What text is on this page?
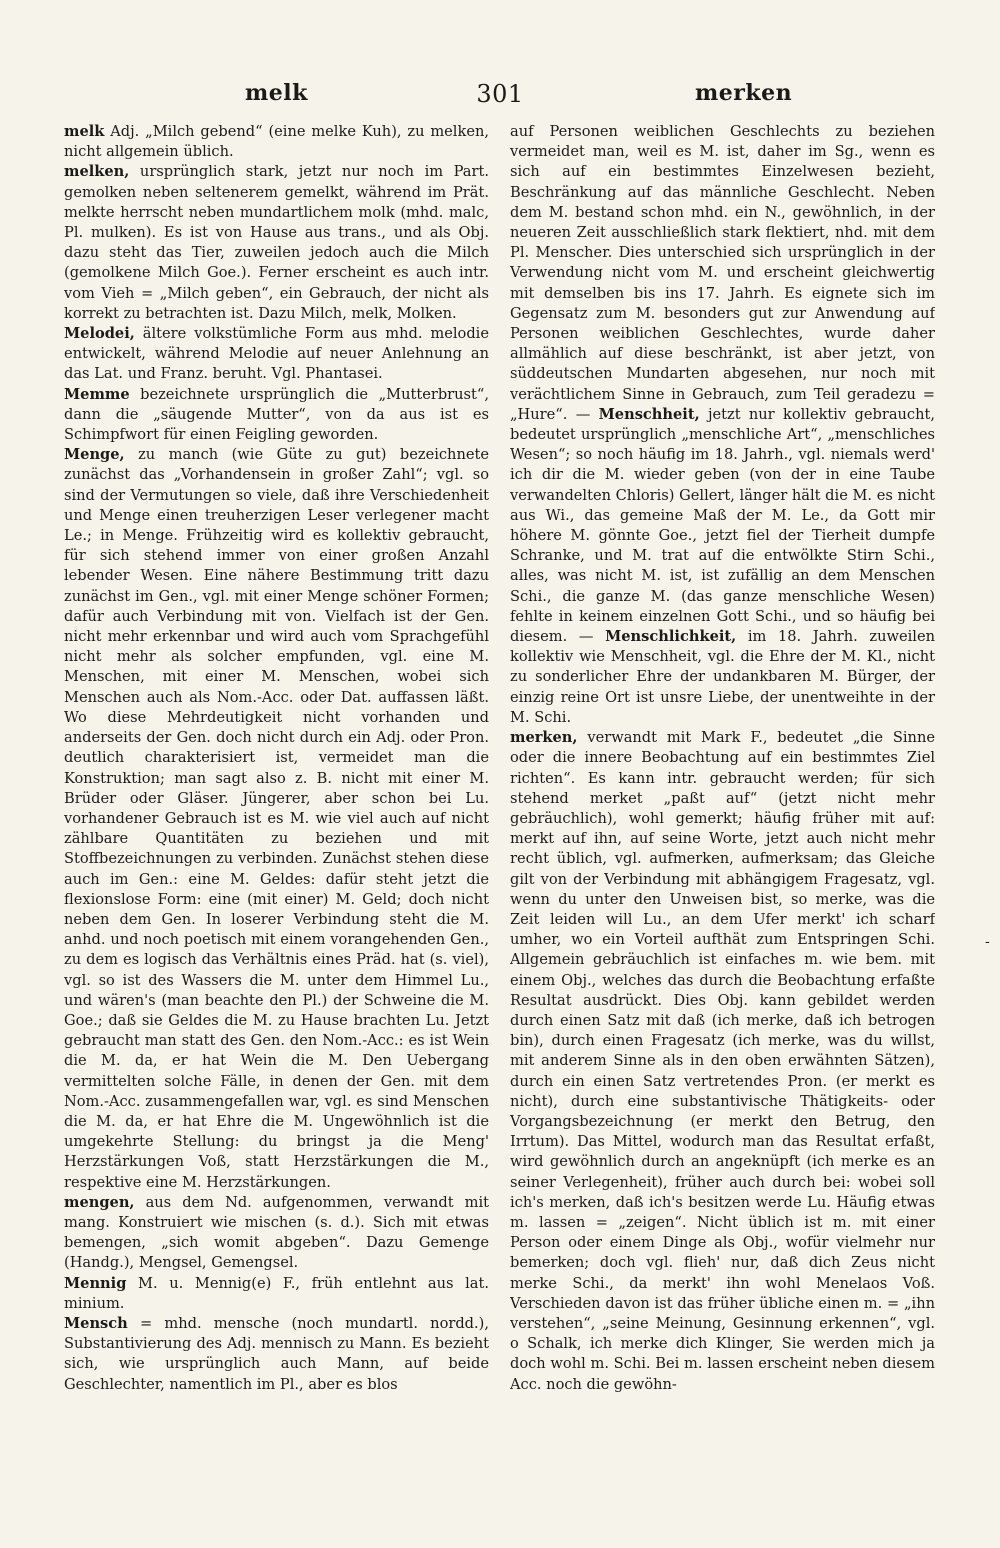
melk	301	merken

melk Adj. „Milch gebend“ (eine melke Kuh), zu melken, nicht allgemein üblich.

melken, ursprünglich stark, jetzt nur noch im Part. gemolken neben seltenerem gemelkt, während im Prät. melkte herrscht neben mundartlichem molk (mhd. malc, Pl. mulken). Es ist von Hause aus trans., und als Obj. dazu steht das Tier, zuweilen jedoch auch die Milch (gemolkene Milch Goe.). Ferner erscheint es auch intr. vom Vieh = „Milch geben“, ein Gebrauch, der nicht als korrekt zu betrachten ist. Dazu Milch, melk, Molken.

Melodei, ältere volkstümliche Form aus mhd. melodie entwickelt, während Melodie auf neuer Anlehnung an das Lat. und Franz. beruht. Vgl. Phantasei.

Memme bezeichnete ursprünglich die „Mutterbrust“, dann die „säugende Mutter“, von da aus ist es Schimpfwort für einen Feigling geworden.

Menge, zu manch (wie Güte zu gut) bezeichnete zunächst das „Vorhandensein in großer Zahl“; vgl. so sind der Vermutungen so viele, daß ihre Verschiedenheit und Menge einen treuherzigen Leser verlegener macht Le.; in Menge. Frühzeitig wird es kollektiv gebraucht, für sich stehend immer von einer großen Anzahl lebender Wesen. Eine nähere Bestimmung tritt dazu zunächst im Gen., vgl. mit einer Menge schöner Formen; dafür auch Verbindung mit von. Vielfach ist der Gen. nicht mehr erkennbar und wird auch vom Sprachgefühl nicht mehr als solcher empfunden, vgl. eine M. Menschen, mit einer M. Menschen, wobei sich Menschen auch als Nom.-Acc. oder Dat. auffassen läßt. Wo diese Mehrdeutigkeit nicht vorhanden und anderseits der Gen. doch nicht durch ein Adj. oder Pron. deutlich charakterisiert ist, vermeidet man die Konstruktion; man sagt also z. B. nicht mit einer M. Brüder oder Gläser. Jüngerer, aber schon bei Lu. vorhandener Gebrauch ist es M. wie viel auch auf nicht zählbare Quantitäten zu beziehen und mit Stoffbezeichnungen zu verbinden. Zunächst stehen diese auch im Gen.: eine M. Geldes: dafür steht jetzt die flexionslose Form: eine (mit einer) M. Geld; doch nicht neben dem Gen. In loserer Verbindung steht die M. anhd. und noch poetisch mit einem vorangehenden Gen., zu dem es logisch das Verhältnis eines Präd. hat (s. viel), vgl. so ist des Wassers die M. unter dem Himmel Lu., und wären's (man beachte den Pl.) der Schweine die M. Goe.; daß sie Geldes die M. zu Hause brachten Lu. Jetzt gebraucht man statt des Gen. den Nom.-Acc.: es ist Wein die M. da, er hat Wein die M. Den Uebergang vermittelten solche Fälle, in denen der Gen. mit dem Nom.-Acc. zusammengefallen war, vgl. es sind Menschen die M. da, er hat Ehre die M. Ungewöhnlich ist die umgekehrte Stellung: du bringst ja die Meng' Herzstärkungen Voß, statt Herzstärkungen die M., respektive eine M. Herzstärkungen.

mengen, aus dem Nd. aufgenommen, verwandt mit mang. Konstruiert wie mischen (s. d.). Sich mit etwas bemengen, „sich womit abgeben“. Dazu Gemenge (Handg.), Mengsel, Gemengsel.

Mennig M. u. Mennig(e) F., früh entlehnt aus lat. minium.

Mensch = mhd. mensche (noch mundartl. nordd.), Substantivierung des Adj. mennisch zu Mann. Es bezieht sich, wie ursprünglich auch Mann, auf beide Geschlechter, namentlich im Pl., aber es blos

auf Personen weiblichen Geschlechts zu beziehen vermeidet man, weil es M. ist, daher im Sg., wenn es sich auf ein bestimmtes Einzelwesen bezieht, Beschränkung auf das männliche Geschlecht. Neben dem M. bestand schon mhd. ein N., gewöhnlich, in der neueren Zeit ausschließlich stark flektiert, nhd. mit dem Pl. Menscher. Dies unterschied sich ursprünglich in der Verwendung nicht vom M. und erscheint gleichwertig mit demselben bis ins 17. Jahrh. Es eignete sich im Gegensatz zum M. besonders gut zur Anwendung auf Personen weiblichen Geschlechtes, wurde daher allmählich auf diese beschränkt, ist aber jetzt, von süddeutschen Mundarten abgesehen, nur noch mit verächtlichem Sinne in Gebrauch, zum Teil geradezu = „Hure“. — Menschheit, jetzt nur kollektiv gebraucht, bedeutet ursprünglich „menschliche Art“, „menschliches Wesen“; so noch häufig im 18. Jahrh., vgl. niemals werd' ich dir die M. wieder geben (von der in eine Taube verwandelten Chloris) Gellert, länger hält die M. es nicht aus Wi., das gemeine Maß der M. Le., da Gott mir höhere M. gönnte Goe., jetzt fiel der Tierheit dumpfe Schranke, und M. trat auf die entwölkte Stirn Schi., alles, was nicht M. ist, ist zufällig an dem Menschen Schi., die ganze M. (das ganze menschliche Wesen) fehlte in keinem einzelnen Gott Schi., und so häufig bei diesem. — Menschlichkeit, im 18. Jahrh. zuweilen kollektiv wie Menschheit, vgl. die Ehre der M. Kl., nicht zu sonderlicher Ehre der undankbaren M. Bürger, der einzig reine Ort ist unsre Liebe, der unentweihte in der M. Schi.

merken, verwandt mit Mark F., bedeutet „die Sinne oder die innere Beobachtung auf ein bestimmtes Ziel richten“. Es kann intr. gebraucht werden; für sich stehend merket „paßt auf“ (jetzt nicht mehr gebräuchlich), wohl gemerkt; häufig früher mit auf: merkt auf ihn, auf seine Worte, jetzt auch nicht mehr recht üblich, vgl. aufmerken, aufmerksam; das Gleiche gilt von der Verbindung mit abhängigem Fragesatz, vgl. wenn du unter den Unweisen bist, so merke, was die Zeit leiden will Lu., an dem Ufer merkt' ich scharf umher, wo ein Vorteil aufthät zum Entspringen Schi. Allgemein gebräuchlich ist einfaches m. wie bem. mit einem Obj., welches das durch die Beobachtung erfaßte Resultat ausdrückt. Dies Obj. kann gebildet werden durch einen Satz mit daß (ich merke, daß ich betrogen bin), durch einen Fragesatz (ich merke, was du willst, mit anderem Sinne als in den oben erwähnten Sätzen), durch ein einen Satz vertretendes Pron. (er merkt es nicht), durch eine substantivische Thätigkeits- oder Vorgangsbezeichnung (er merkt den Betrug, den Irrtum). Das Mittel, wodurch man das Resultat erfaßt, wird gewöhnlich durch an angeknüpft (ich merke es an seiner Verlegenheit), früher auch durch bei: wobei soll ich's merken, daß ich's besitzen werde Lu. Häufig etwas m. lassen = „zeigen“. Nicht üblich ist m. mit einer Person oder einem Dinge als Obj., wofür vielmehr nur bemerken; doch vgl. flieh' nur, daß dich Zeus nicht merke Schi., da merkt' ihn wohl Menelaos Voß. Verschieden davon ist das früher übliche einen m. = „ihn verstehen“, „seine Meinung, Gesinnung erkennen“, vgl. o Schalk, ich merke dich Klinger, Sie werden mich ja doch wohl m. Schi. Bei m. lassen erscheint neben diesem Acc. noch die gewöhn-

-
